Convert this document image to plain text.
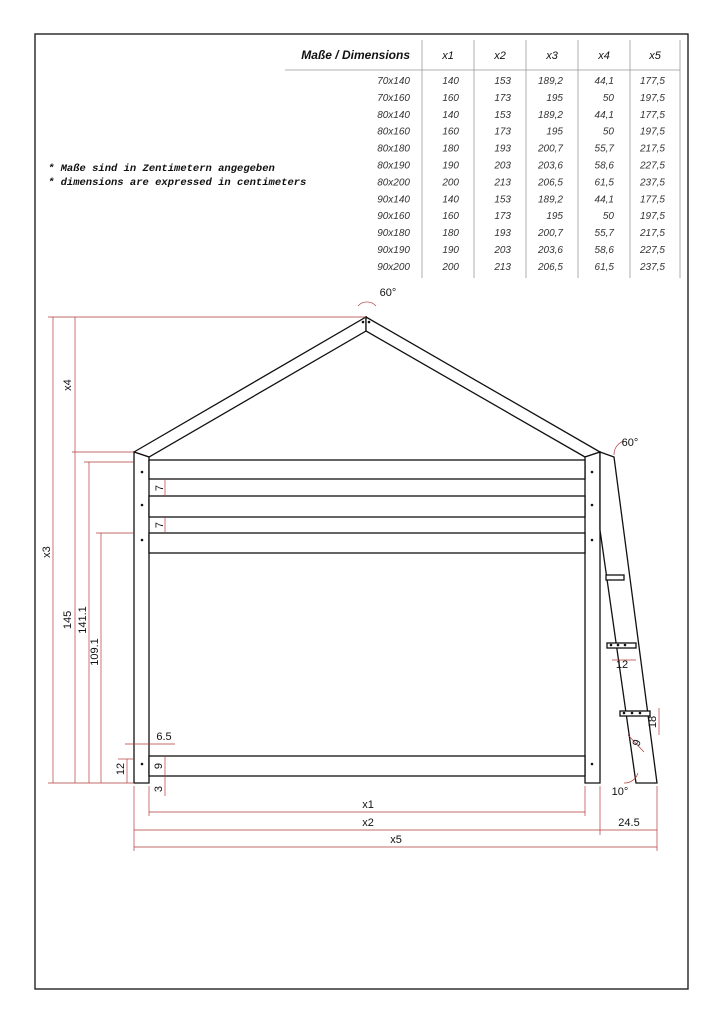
Maße / Dimensions	x1	x2	x3	x4	x5
70x140	140	153	189,2	44,1	177,5
70x160	160	173	195	50	197,5
80x140	140	153	189,2	44,1	177,5
80x160	160	173	195	50	197,5
80x180	180	193	200,7	55,7	217,5
80x190	190	203	203,6	58,6	227,5
80x200	200	213	206,5	61,5	237,5
90x140	140	153	189,2	44,1	177,5
90x160	160	173	195	50	197,5
90x180	180	193	200,7	55,7	217,5
90x190	190	203	203,6	58,6	227,5
90x200	200	213	206,5	61,5	237,5
* Maße sind in Zentimetern angegeben
* dimensions are expressed in centimeters
60°
60°
10°
x4
x3
145 141.1
109.1
7
7
6.5
12 9
3
12
9
18
x1
x2	24.5
x5
